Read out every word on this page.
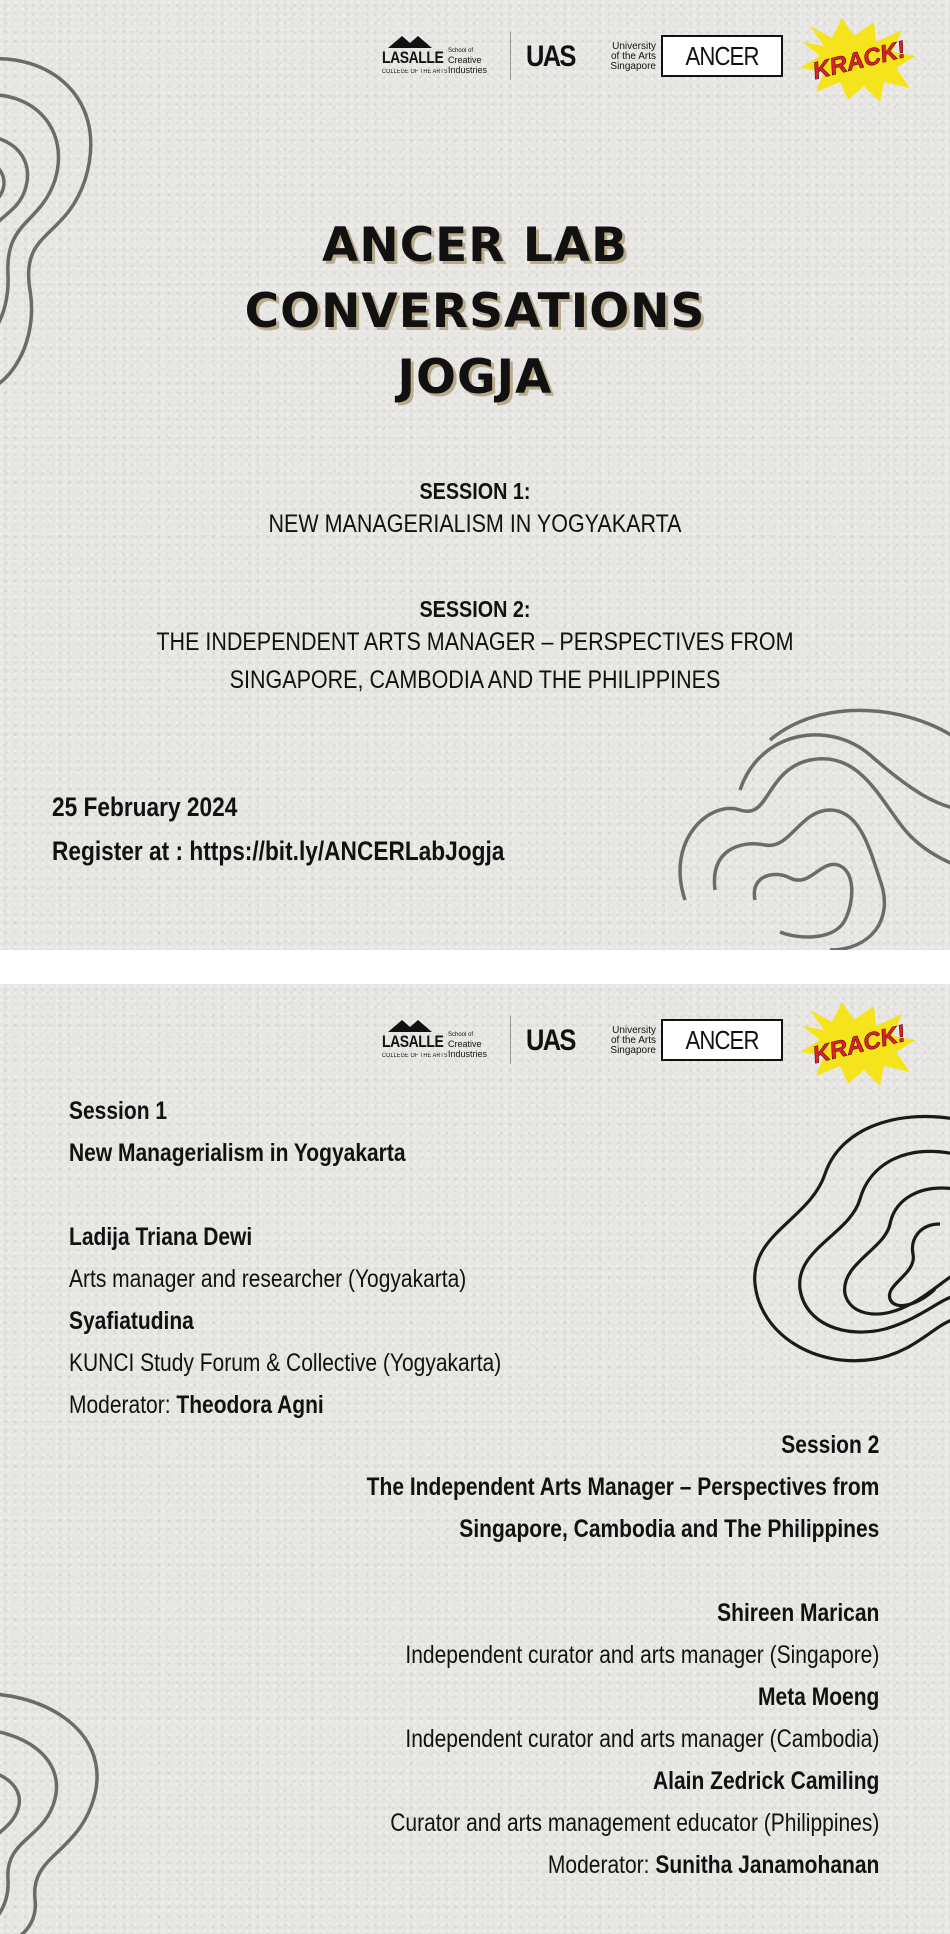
LASALLE
COLLEGE OF THE ARTS
School of
Creative
Industries	UAS	University
of the Arts
Singapore ANCER KRACK!
ANCER LAB
CONVERSATIONS
JOGJA
SESSION 1:
NEW MANAGERIALISM IN YOGYAKARTA
SESSION 2:
THE INDEPENDENT ARTS MANAGER – PERSPECTIVES FROM
SINGAPORE, CAMBODIA AND THE PHILIPPINES
25 February 2024
Register at : https://bit.ly/ANCERLabJogja
LASALLE
COLLEGE OF THE ARTS
School of
Creative
Industries	UAS	University
of the Arts
Singapore ANCER KRACK!
Session 1
New Managerialism in Yogyakarta
Ladija Triana Dewi
Arts manager and researcher (Yogyakarta)
Syafiatudina
KUNCI Study Forum & Collective (Yogyakarta)
Moderator: Theodora Agni
Session 2
The Independent Arts Manager – Perspectives from
Singapore, Cambodia and The Philippines
Shireen Marican
Independent curator and arts manager (Singapore)
Meta Moeng
Independent curator and arts manager (Cambodia)
Alain Zedrick Camiling
Curator and arts management educator (Philippines)
Moderator: Sunitha Janamohanan
